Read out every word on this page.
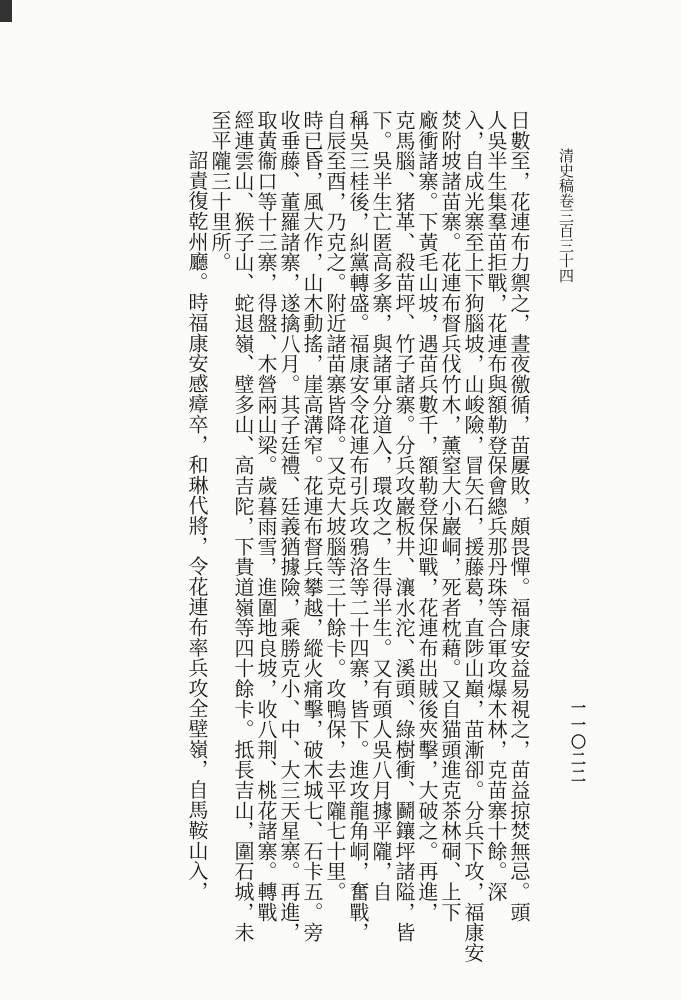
清史稿卷三百三十四
一一〇二二

日數至，花連布力禦之，晝夜徼循，苗屢敗，頗畏憚。福康安益易視之，苗益掠焚無忌。頭

人吳半生集羣苗拒戰，花連布與額勒登保會總兵那丹珠等合軍攻爆木林，克苗寨十餘。深

入，自成光寨至上下狗腦坡，山峻險，冒矢石，援藤葛，直陟山巔，苗漸卻。分兵下攻，福康安

焚附坡諸苗寨。花連布督兵伐竹木，薰窒大小巖峒，死者枕藉。又自猫頭進克茶林硐、上下

廠衝諸寨。下黃毛山坡，遇苗兵數千，額勒登保迎戰，花連布出賊後夾擊，大破之。再進，

克馬腦、猪革、殺苗坪、竹子諸寨。分兵攻巖板井、瀼水沱、溪頭、綠樹衝、鬬鑲坪諸隘，皆

下。吳半生亡匿高多寨，與諸軍分道入，環攻之，生得半生。又有頭人吳八月據平隴，自

稱吳三桂後，糾黨轉盛。福康安令花連布引兵攻鴉洛等二十四寨，皆下。進攻龍角峒，奮戰，

自辰至酉，乃克之。附近諸苗寨皆降。又克大坡腦等三十餘卡。攻鴨保，去平隴七十里。

時已昏，風大作，山木動搖，崖高溝窄。花連布督兵攀越，縱火痛擊，破木城七、石卡五。旁

收垂藤、董羅諸寨，遂擒八月。其子廷禮、廷義猶據險，乘勝克小、中、大三天星寨。再進，

取黃衞口等十三寨，得盤、木營兩山梁。歲暮雨雪，進圍地良坡，收八荆、桃花諸寨。轉戰

經連雲山、猴子山、蛇退嶺、壁多山、高吉陀，下貴道嶺等四十餘卡。抵長吉山，圍石城，未

至平隴三十里所。

詔責復乾州廳。時福康安感瘴卒，和琳代將，令花連布率兵攻全壁嶺，自馬鞍山入，
